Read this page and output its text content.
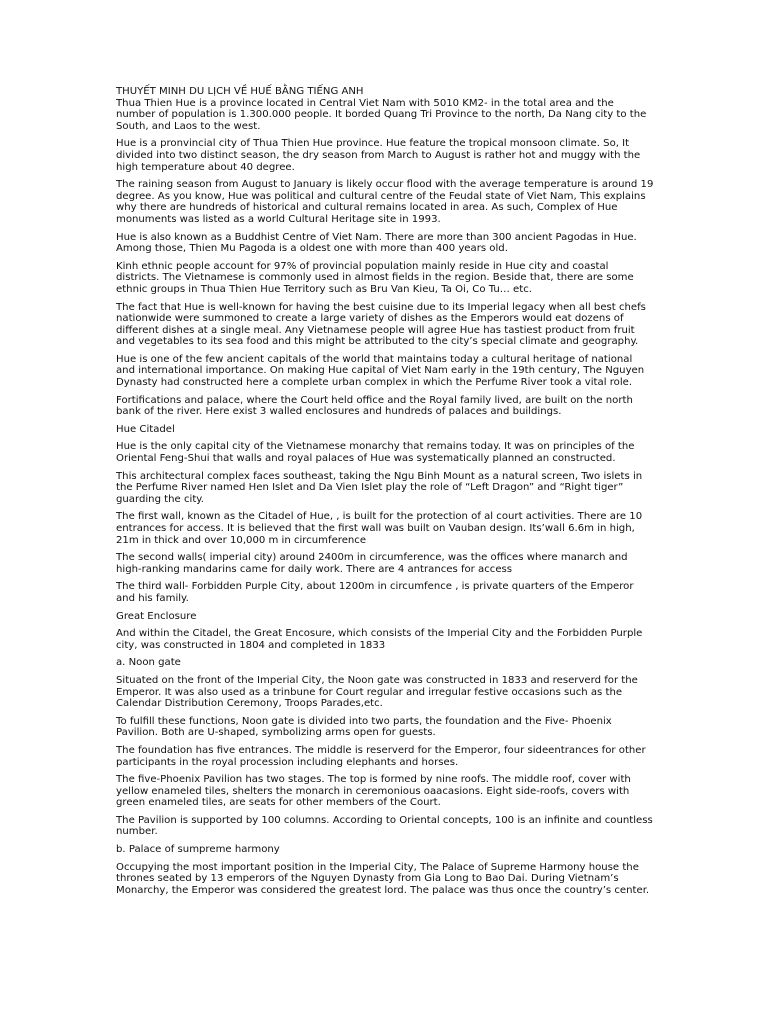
THUYẾT MINH DU LỊCH VỀ HUẾ BẰNG TIẾNG ANH

Thua Thien Hue is a province located in Central Viet Nam with 5010 KM2- in the total area and the number of population is 1.300.000 people. It borded Quang Tri Province to the north, Da Nang city to the South, and Laos to the west.

Hue is a pronvincial city of Thua Thien Hue province. Hue feature the tropical monsoon climate. So, It divided into two distinct season, the dry season from March to August is rather hot and muggy with the high temperature about 40 degree.

The raining season from August to January is likely occur flood with the average temperature is around 19 degree. As you know, Hue was political and cultural centre of the Feudal state of Viet Nam, This explains why there are hundreds of historical and cultural remains located in area. As such, Complex of Hue monuments was listed as a world Cultural Heritage site in 1993.

Hue is also known as a Buddhist Centre of Viet Nam. There are more than 300 ancient Pagodas in Hue. Among those, Thien Mu Pagoda is a oldest one with more than 400 years old.

Kinh ethnic people account for 97% of provincial population mainly reside in Hue city and coastal districts. The Vietnamese is commonly used in almost fields in the region. Beside that, there are some ethnic groups in Thua Thien Hue Territory such as Bru Van Kieu, Ta Oi, Co Tu… etc.

The fact that Hue is well-known for having the best cuisine due to its Imperial legacy when all best chefs nationwide were summoned to create a large variety of dishes as the Emperors would eat dozens of different dishes at a single meal. Any Vietnamese people will agree Hue has tastiest product from fruit and vegetables to its sea food and this might be attributed to the city’s special climate and geography.

Hue is one of the few ancient capitals of the world that maintains today a cultural heritage of national and international importance. On making Hue capital of Viet Nam early in the 19th century, The Nguyen Dynasty had constructed here a complete urban complex in which the Perfume River took a vital role.

Fortifications and palace, where the Court held office and the Royal family lived, are built on the north bank of the river. Here exist 3 walled enclosures and hundreds of palaces and buildings.

Hue Citadel

Hue is the only capital city of the Vietnamese monarchy that remains today. It was on principles of the Oriental Feng-Shui that walls and royal palaces of Hue was systematically planned an constructed.

This architectural complex faces southeast, taking the Ngu Binh Mount as a natural screen, Two islets in the Perfume River named Hen Islet and Da Vien Islet play the role of “Left Dragon” and “Right tiger” guarding the city.

The first wall, known as the Citadel of Hue, , is built for the protection of al court activities. There are 10 entrances for access. It is believed that the first wall was built on Vauban design. Its’wall 6.6m in high, 21m in thick and over 10,000 m in circumference

The second walls( imperial city) around 2400m in circumference, was the offices where manarch and high-ranking mandarins came for daily work. There are 4 antrances for access

The third wall- Forbidden Purple City, about 1200m in circumfence , is private quarters of the Emperor and his family.

Great Enclosure

And within the Citadel, the Great Encosure, which consists of the Imperial City and the Forbidden Purple city, was constructed in 1804 and completed in 1833

a. Noon gate

Situated on the front of the Imperial City, the Noon gate was constructed in 1833 and reserverd for the Emperor. It was also used as a trinbune for Court regular and irregular festive occasions such as the Calendar Distribution Ceremony, Troops Parades,etc.

To fulfill these functions, Noon gate is divided into two parts, the foundation and the Five- Phoenix Pavilion. Both are U-shaped, symbolizing arms open for guests.

The foundation has five entrances. The middle is reserverd for the Emperor, four sideentrances for other participants in the royal procession including elephants and horses.

The five-Phoenix Pavilion has two stages. The top is formed by nine roofs. The middle roof, cover with yellow enameled tiles, shelters the monarch in ceremonious oaacasions. Eight side-roofs, covers with green enameled tiles, are seats for other members of the Court.

The Pavilion is supported by 100 columns. According to Oriental concepts, 100 is an infinite and countless number.

b. Palace of sumpreme harmony

Occupying the most important position in the Imperial City, The Palace of Supreme Harmony house the thrones seated by 13 emperors of the Nguyen Dynasty from Gia Long to Bao Dai. During Vietnam’s Monarchy, the Emperor was considered the greatest lord. The palace was thus once the country’s center.
